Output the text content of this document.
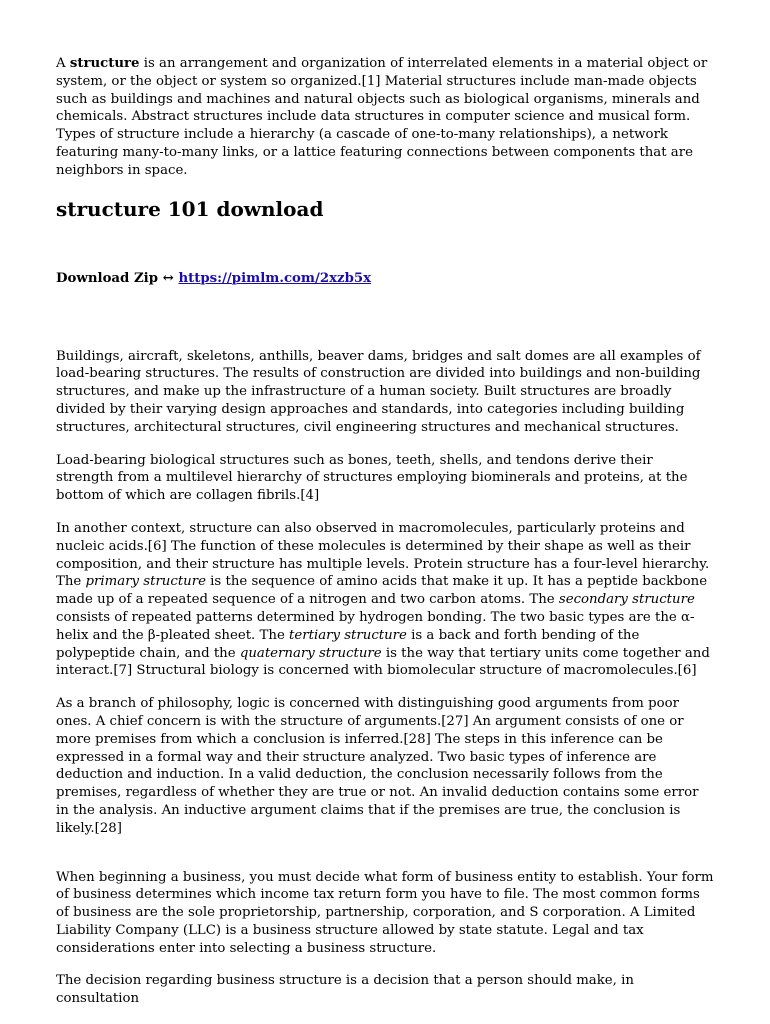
A structure is an arrangement and organization of interrelated elements in a material object or system, or the object or system so organized.[1] Material structures include man-made objects such as buildings and machines and natural objects such as biological organisms, minerals and chemicals. Abstract structures include data structures in computer science and musical form. Types of structure include a hierarchy (a cascade of one-to-many relationships), a network featuring many-to-many links, or a lattice featuring connections between components that are neighbors in space.

structure 101 download
Download Zip ↔ https://pimlm.com/2xzb5x

Buildings, aircraft, skeletons, anthills, beaver dams, bridges and salt domes are all examples of load-bearing structures. The results of construction are divided into buildings and non-building structures, and make up the infrastructure of a human society. Built structures are broadly divided by their varying design approaches and standards, into categories including building structures, architectural structures, civil engineering structures and mechanical structures.

Load-bearing biological structures such as bones, teeth, shells, and tendons derive their strength from a multilevel hierarchy of structures employing biominerals and proteins, at the bottom of which are collagen fibrils.[4]

In another context, structure can also observed in macromolecules, particularly proteins and nucleic acids.[6] The function of these molecules is determined by their shape as well as their composition, and their structure has multiple levels. Protein structure has a four-level hierarchy. The primary structure is the sequence of amino acids that make it up. It has a peptide backbone made up of a repeated sequence of a nitrogen and two carbon atoms. The secondary structure consists of repeated patterns determined by hydrogen bonding. The two basic types are the α-helix and the β-pleated sheet. The tertiary structure is a back and forth bending of the polypeptide chain, and the quaternary structure is the way that tertiary units come together and interact.[7] Structural biology is concerned with biomolecular structure of macromolecules.[6]

As a branch of philosophy, logic is concerned with distinguishing good arguments from poor ones. A chief concern is with the structure of arguments.[27] An argument consists of one or more premises from which a conclusion is inferred.[28] The steps in this inference can be expressed in a formal way and their structure analyzed. Two basic types of inference are deduction and induction. In a valid deduction, the conclusion necessarily follows from the premises, regardless of whether they are true or not. An invalid deduction contains some error in the analysis. An inductive argument claims that if the premises are true, the conclusion is likely.[28]

When beginning a business, you must decide what form of business entity to establish. Your form of business determines which income tax return form you have to file. The most common forms of business are the sole proprietorship, partnership, corporation, and S corporation. A Limited Liability Company (LLC) is a business structure allowed by state statute. Legal and tax considerations enter into selecting a business structure.

The decision regarding business structure is a decision that a person should make, in consultation
